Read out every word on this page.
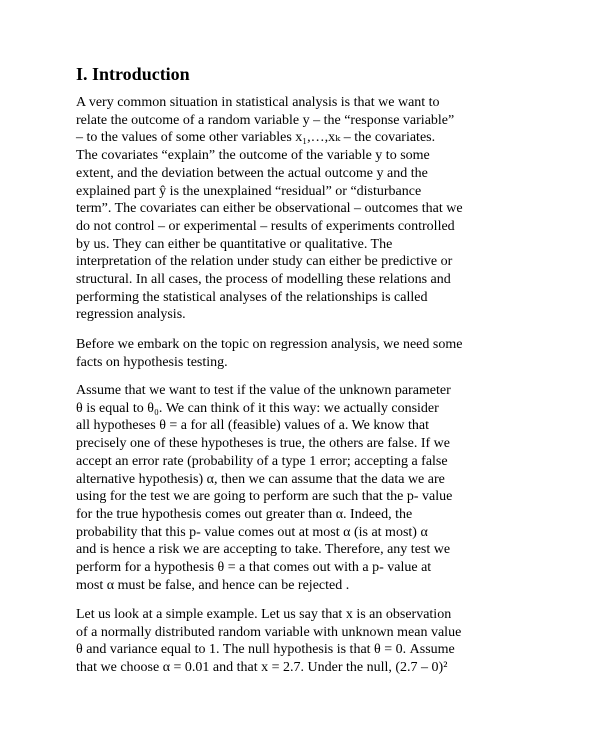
I. Introduction

A very common situation in statistical analysis is that we want to
relate the outcome of a random variable y – the “response variable”
– to the values of some other variables x₁,…,xₖ – the covariates.
The covariates “explain” the outcome of the variable y to some
extent, and the deviation between the actual outcome y and the
explained part ŷ is the unexplained “residual” or “disturbance
term”. The covariates can either be observational – outcomes that we
do not control – or experimental – results of experiments controlled
by us. They can either be quantitative or qualitative. The
interpretation of the relation under study can either be predictive or
structural. In all cases, the process of modelling these relations and
performing the statistical analyses of the relationships is called
regression analysis.

Before we embark on the topic on regression analysis, we need some
facts on hypothesis testing.

Assume that we want to test if the value of the unknown parameter
θ is equal to θ₀. We can think of it this way: we actually consider
all hypotheses θ = a for all (feasible) values of a. We know that
precisely one of these hypotheses is true, the others are false. If we
accept an error rate (probability of a type 1 error; accepting a false
alternative hypothesis) α, then we can assume that the data we are
using for the test we are going to perform are such that the p- value
for the true hypothesis comes out greater than α. Indeed, the
probability that this p- value comes out at most α (is at most) α
and is hence a risk we are accepting to take. Therefore, any test we
perform for a hypothesis θ = a that comes out with a p- value at
most α must be false, and hence can be rejected .

Let us look at a simple example. Let us say that x is an observation
of a normally distributed random variable with unknown mean value
θ and variance equal to 1. The null hypothesis is that θ = 0. Assume
that we choose α = 0.01 and that x = 2.7. Under the null, (2.7 – 0)²
